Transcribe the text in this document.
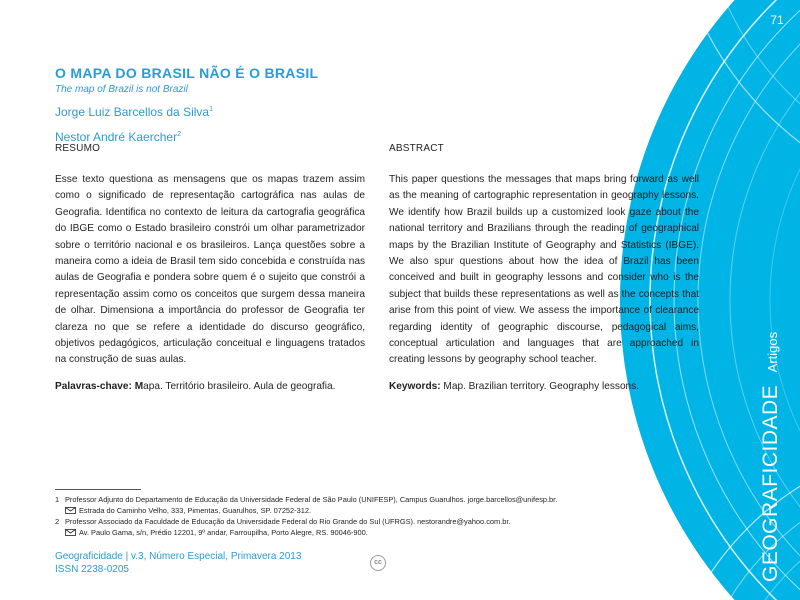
71
GEOGRAFICIDADE Artigos
O MAPA DO BRASIL NÃO É O BRASIL
The map of Brazil is not Brazil
Jorge Luiz Barcellos da Silva$^1$
Nestor André Kaercher$^2$
RESUMO

Esse texto questiona as mensagens que os mapas trazem assim como o significado de representação cartográfica nas aulas de Geografia. Identifica no contexto de leitura da cartografia geográfica do IBGE como o Estado brasileiro constrói um olhar parametrizador sobre o território nacional e os brasileiros. Lança questões sobre a maneira como a ideia de Brasil tem sido concebida e construída nas aulas de Geografia e pondera sobre quem é o sujeito que constrói a representação assim como os conceitos que surgem dessa maneira de olhar. Dimensiona a importância do professor de Geografia ter clareza no que se refere a identidade do discurso geográfico, objetivos pedagógicos, articulação conceitual e linguagens tratados na construção de suas aulas.

Palavras-chave: Mapa. Território brasileiro. Aula de geografia.
ABSTRACT

This paper questions the messages that maps bring forward as well as the meaning of cartographic representation in geography lessons. We identify how Brazil builds up a customized look gaze about the national territory and Brazilians through the reading of geographical maps by the Brazilian Institute of Geography and Statistics (IBGE). We also spur questions about how the idea of Brazil has been conceived and built in geography lessons and consider who is the subject that builds these representations as well as the concepts that arise from this point of view. We assess the importance of clearance regarding identity of geographic discourse, pedagogical aims, conceptual articulation and languages that are approached in creating lessons by geography school teacher.

Keywords: Map. Brazilian territory. Geography lessons.
1 Professor Adjunto do Departamento de Educação da Universidade Federal de São Paulo (UNIFESP), Campus Guarulhos. jorge.barcellos@unifesp.br.
Estrada do Caminho Velho, 333, Pimentas, Guarulhos, SP. 07252-312.
2 Professor Associado da Faculdade de Educação da Universidade Federal do Rio Grande do Sul (UFRGS). nestorandre@yahoo.com.br.
Av. Paulo Gama, s/n, Prédio 12201, 9º andar, Farroupilha, Porto Alegre, RS. 90046-900.
Geograficidade | v.3, Número Especial, Primavera 2013
ISSN 2238-0205
cc
